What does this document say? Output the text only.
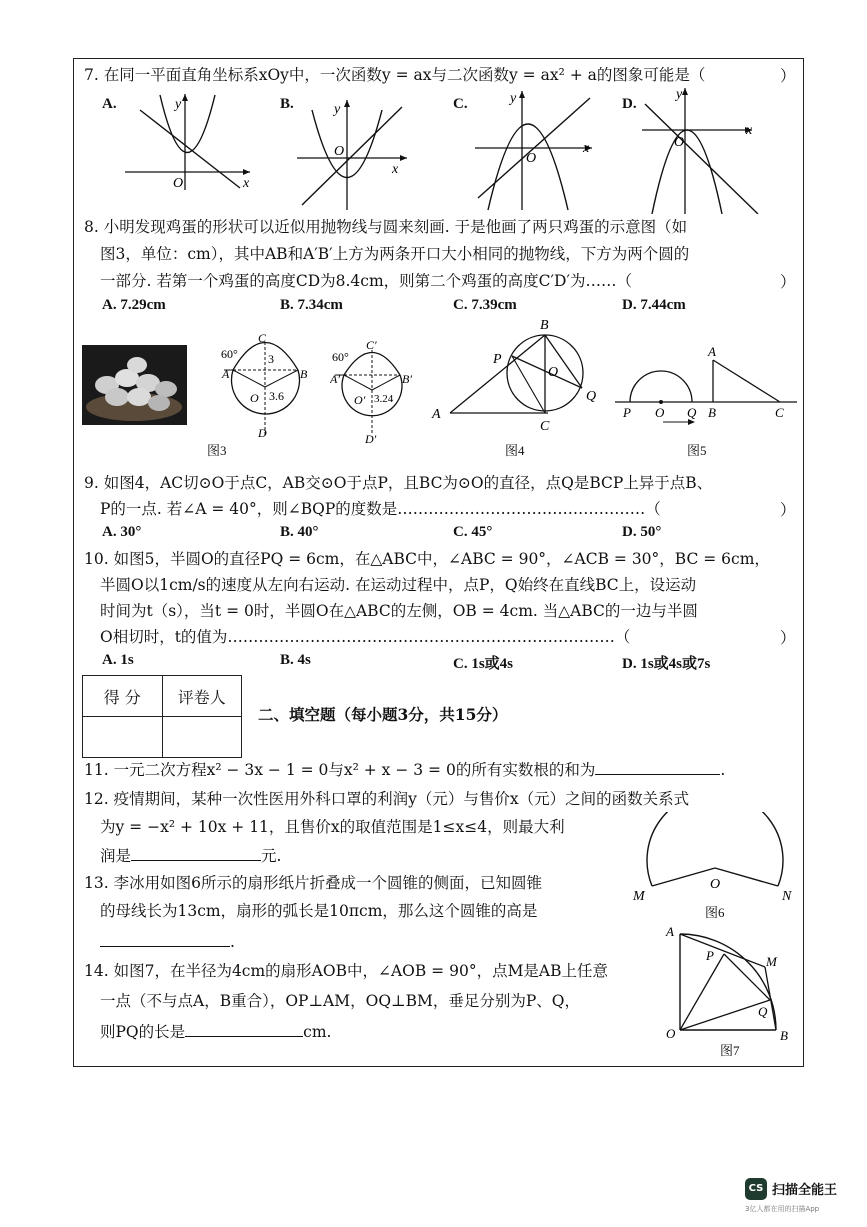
7. 在同一平面直角坐标系xOy中，一次函数y = ax与二次函数y = ax² + a的图象可能是（	）
A.	y
O	x
B.	y
O
x
C.	y
O
x
D.
y
O
x
8. 小明发现鸡蛋的形状可以近似用抛物线与圆来刻画. 于是他画了两只鸡蛋的示意图（如
图3，单位：cm），其中AB和A′B′上方为两条开口大小相同的抛物线，下方为两个圆的
一部分. 若第一个鸡蛋的高度CD为8.4cm，则第二个鸡蛋的高度C′D′为……（	）
A. 7.29cm	B. 7.34cm	C. 7.39cm	D. 7.44cm
60°	3
3.6
C
A	B
O
D
60°
3.24
C′
A′	B′
O′
D′
图3
A
B
C
P
O
Q
图4
P O Q B	C
A
图5
9. 如图4，AC切⊙O于点C，AB交⊙O于点P，且BC为⊙O的直径，点Q是BCP上异于点B、
P的一点. 若∠A = 40°，则∠BQP的度数是…………………………………………（	）
A. 30°	B. 40°	C. 45°	D. 50°
10. 如图5，半圆O的直径PQ = 6cm，在△ABC中，∠ABC = 90°，∠ACB = 30°，BC = 6cm，
半圆O以1cm/s的速度从左向右运动. 在运动过程中，点P，Q始终在直线BC上，设运动
时间为t（s），当t = 0时，半圆O在△ABC的左侧，OB = 4cm. 当△ABC的一边与半圆
O相切时，t的值为…………………………………………………………………（	）
A. 1s	B. 4s	C. 1s或4s	D. 1s或4s或7s
得 分	评卷人

二、填空题（每小题3分，共15分）
11. 一元二次方程x² − 3x − 1 = 0与x² + x − 3 = 0的所有实数根的和为	.
12. 疫情期间，某种一次性医用外科口罩的利润y（元）与售价x（元）之间的函数关系式
为y = −x² + 10x + 11，且售价x的取值范围是1≤x≤4，则最大利
润是	元.
M
O
N
图6
13. 李冰用如图6所示的扇形纸片折叠成一个圆锥的侧面，已知圆锥
的母线长为13cm，扇形的弧长是10πcm，那么这个圆锥的高是
.
14. 如图7，在半径为4cm的扇形AOB中，∠AOB = 90°，点M是AB上任意
一点（不与点A，B重合），OP⊥AM，OQ⊥BM，垂足分别为P、Q，
则PQ的长是	cm.
A
P	M
Q
O	B
图7
CS 扫描全能王
3亿人都在用的扫描App
